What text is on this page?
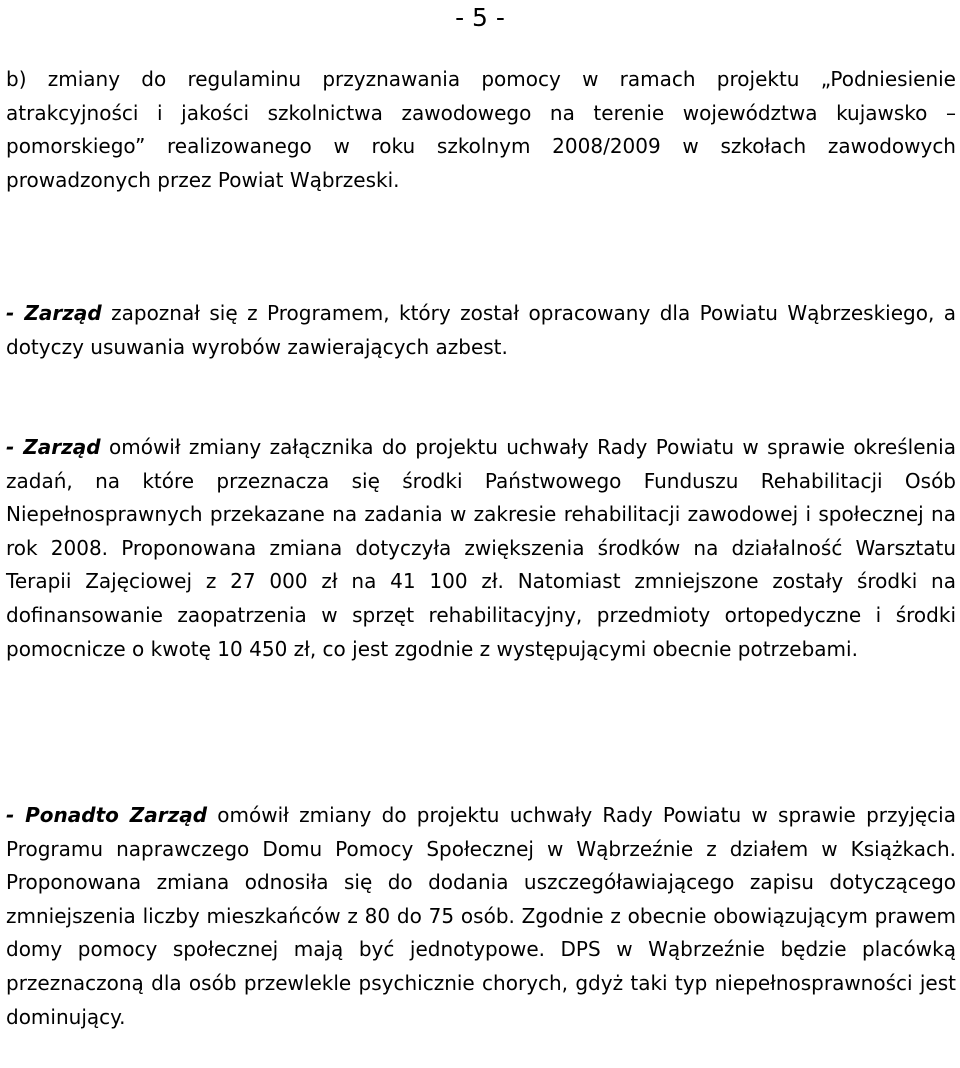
- 5 -

b) zmiany do regulaminu przyznawania pomocy w ramach projektu „Podniesienie atrakcyjności i jakości szkolnictwa zawodowego na terenie województwa kujawsko – pomorskiego” realizowanego w roku szkolnym 2008/2009 w szkołach zawodowych prowadzonych przez Powiat Wąbrzeski.

- Zarząd zapoznał się z Programem, który został opracowany dla Powiatu Wąbrzeskiego, a dotyczy usuwania wyrobów zawierających azbest.

- Zarząd omówił zmiany załącznika do projektu uchwały Rady Powiatu w sprawie określenia zadań, na które przeznacza się środki Państwowego Funduszu Rehabilitacji Osób Niepełnosprawnych przekazane na zadania w zakresie rehabilitacji zawodowej i społecznej na rok 2008. Proponowana zmiana dotyczyła zwiększenia środków na działalność Warsztatu Terapii Zajęciowej z 27 000 zł na 41 100 zł. Natomiast zmniejszone zostały środki na dofinansowanie zaopatrzenia w sprzęt rehabilitacyjny, przedmioty ortopedyczne i środki pomocnicze o kwotę 10 450 zł, co jest zgodnie z występującymi obecnie potrzebami.

- Ponadto Zarząd omówił zmiany do projektu uchwały Rady Powiatu w sprawie przyjęcia Programu naprawczego Domu Pomocy Społecznej w Wąbrzeźnie z działem w Książkach. Proponowana zmiana odnosiła się do dodania uszczegóławiającego zapisu dotyczącego zmniejszenia liczby mieszkańców z 80 do 75 osób. Zgodnie z obecnie obowiązującym prawem domy pomocy społecznej mają być jednotypowe. DPS w Wąbrzeźnie będzie placówką przeznaczoną dla osób przewlekle psychicznie chorych, gdyż taki typ niepełnosprawności jest dominujący.
